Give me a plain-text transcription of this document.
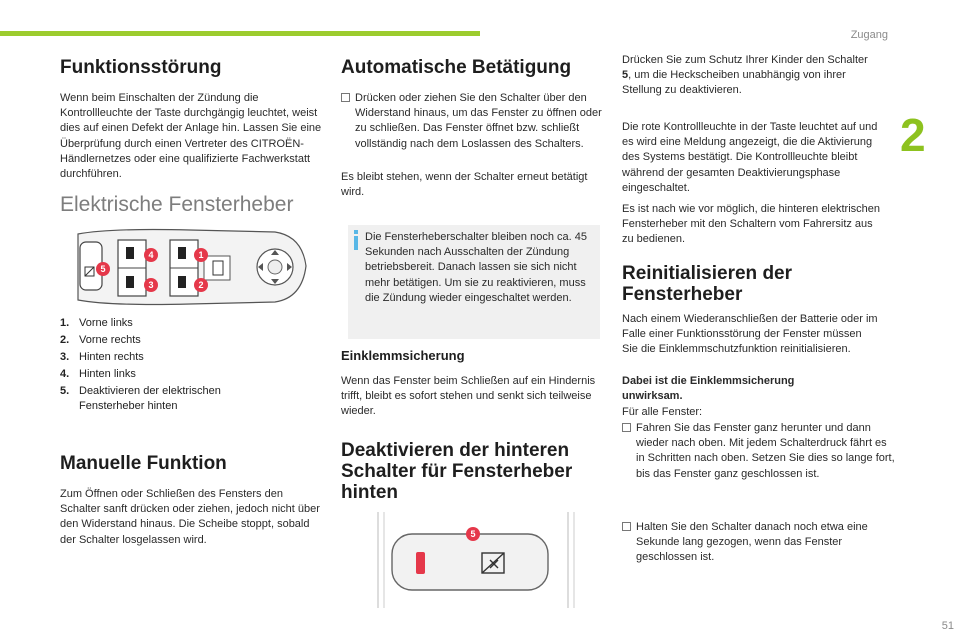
Zugang
2
51
Funktionsstörung

Wenn beim Einschalten der Zündung die Kontrollleuchte der Taste durchgängig leuchtet, weist dies auf einen Defekt der Anlage hin. Lassen Sie eine Überprüfung durch einen Vertreter des CITROËN-Händlernetzes oder eine qualifizierte Fachwerkstatt durchführen.

Elektrische Fensterheber
1
2
3
4
5
1. Vorne links
2. Vorne rechts
3. Hinten rechts
4. Hinten links
5. Deaktivieren der elektrischen Fensterheber hinten
Manuelle Funktion

Zum Öffnen oder Schließen des Fensters den Schalter sanft drücken oder ziehen, jedoch nicht über den Widerstand hinaus. Die Scheibe stoppt, sobald der Schalter losgelassen wird.

Automatische Betätigung

Drücken oder ziehen Sie den Schalter über den Widerstand hinaus, um das Fenster zu öffnen oder zu schließen. Das Fenster öffnet bzw. schließt vollständig nach dem Loslassen des Schalters.

Es bleibt stehen, wenn der Schalter erneut betätigt wird.

Die Fensterheberschalter bleiben noch ca. 45 Sekunden nach Ausschalten der Zündung betriebsbereit. Danach lassen sie sich nicht mehr betätigen. Um sie zu reaktivieren, muss die Zündung wieder eingeschaltet werden.

Einklemmsicherung

Wenn das Fenster beim Schließen auf ein Hindernis trifft, bleibt es sofort stehen und senkt sich teilweise wieder.

Deaktivieren der hinteren Schalter für Fensterheber hinten
5

Drücken Sie zum Schutz Ihrer Kinder den Schalter 5, um die Heckscheiben unabhängig von ihrer Stellung zu deaktivieren.

Die rote Kontrollleuchte in der Taste leuchtet auf und es wird eine Meldung angezeigt, die die Aktivierung des Systems bestätigt. Die Kontrollleuchte bleibt während der gesamten Deaktivierungsphase eingeschaltet.

Es ist nach wie vor möglich, die hinteren elektrischen Fensterheber mit den Schaltern vom Fahrersitz aus zu bedienen.

Reinitialisieren der Fensterheber

Nach einem Wiederanschließen der Batterie oder im Falle einer Funktionsstörung der Fenster müssen Sie die Einklemmschutzfunktion reinitialisieren.

Dabei ist die Einklemmsicherung unwirksam.

Für alle Fenster:

Fahren Sie das Fenster ganz herunter und dann wieder nach oben. Mit jedem Schalterdruck fährt es in Schritten nach oben. Setzen Sie dies so lange fort, bis das Fenster ganz geschlossen ist.

Halten Sie den Schalter danach noch etwa eine Sekunde lang gezogen, wenn das Fenster geschlossen ist.
